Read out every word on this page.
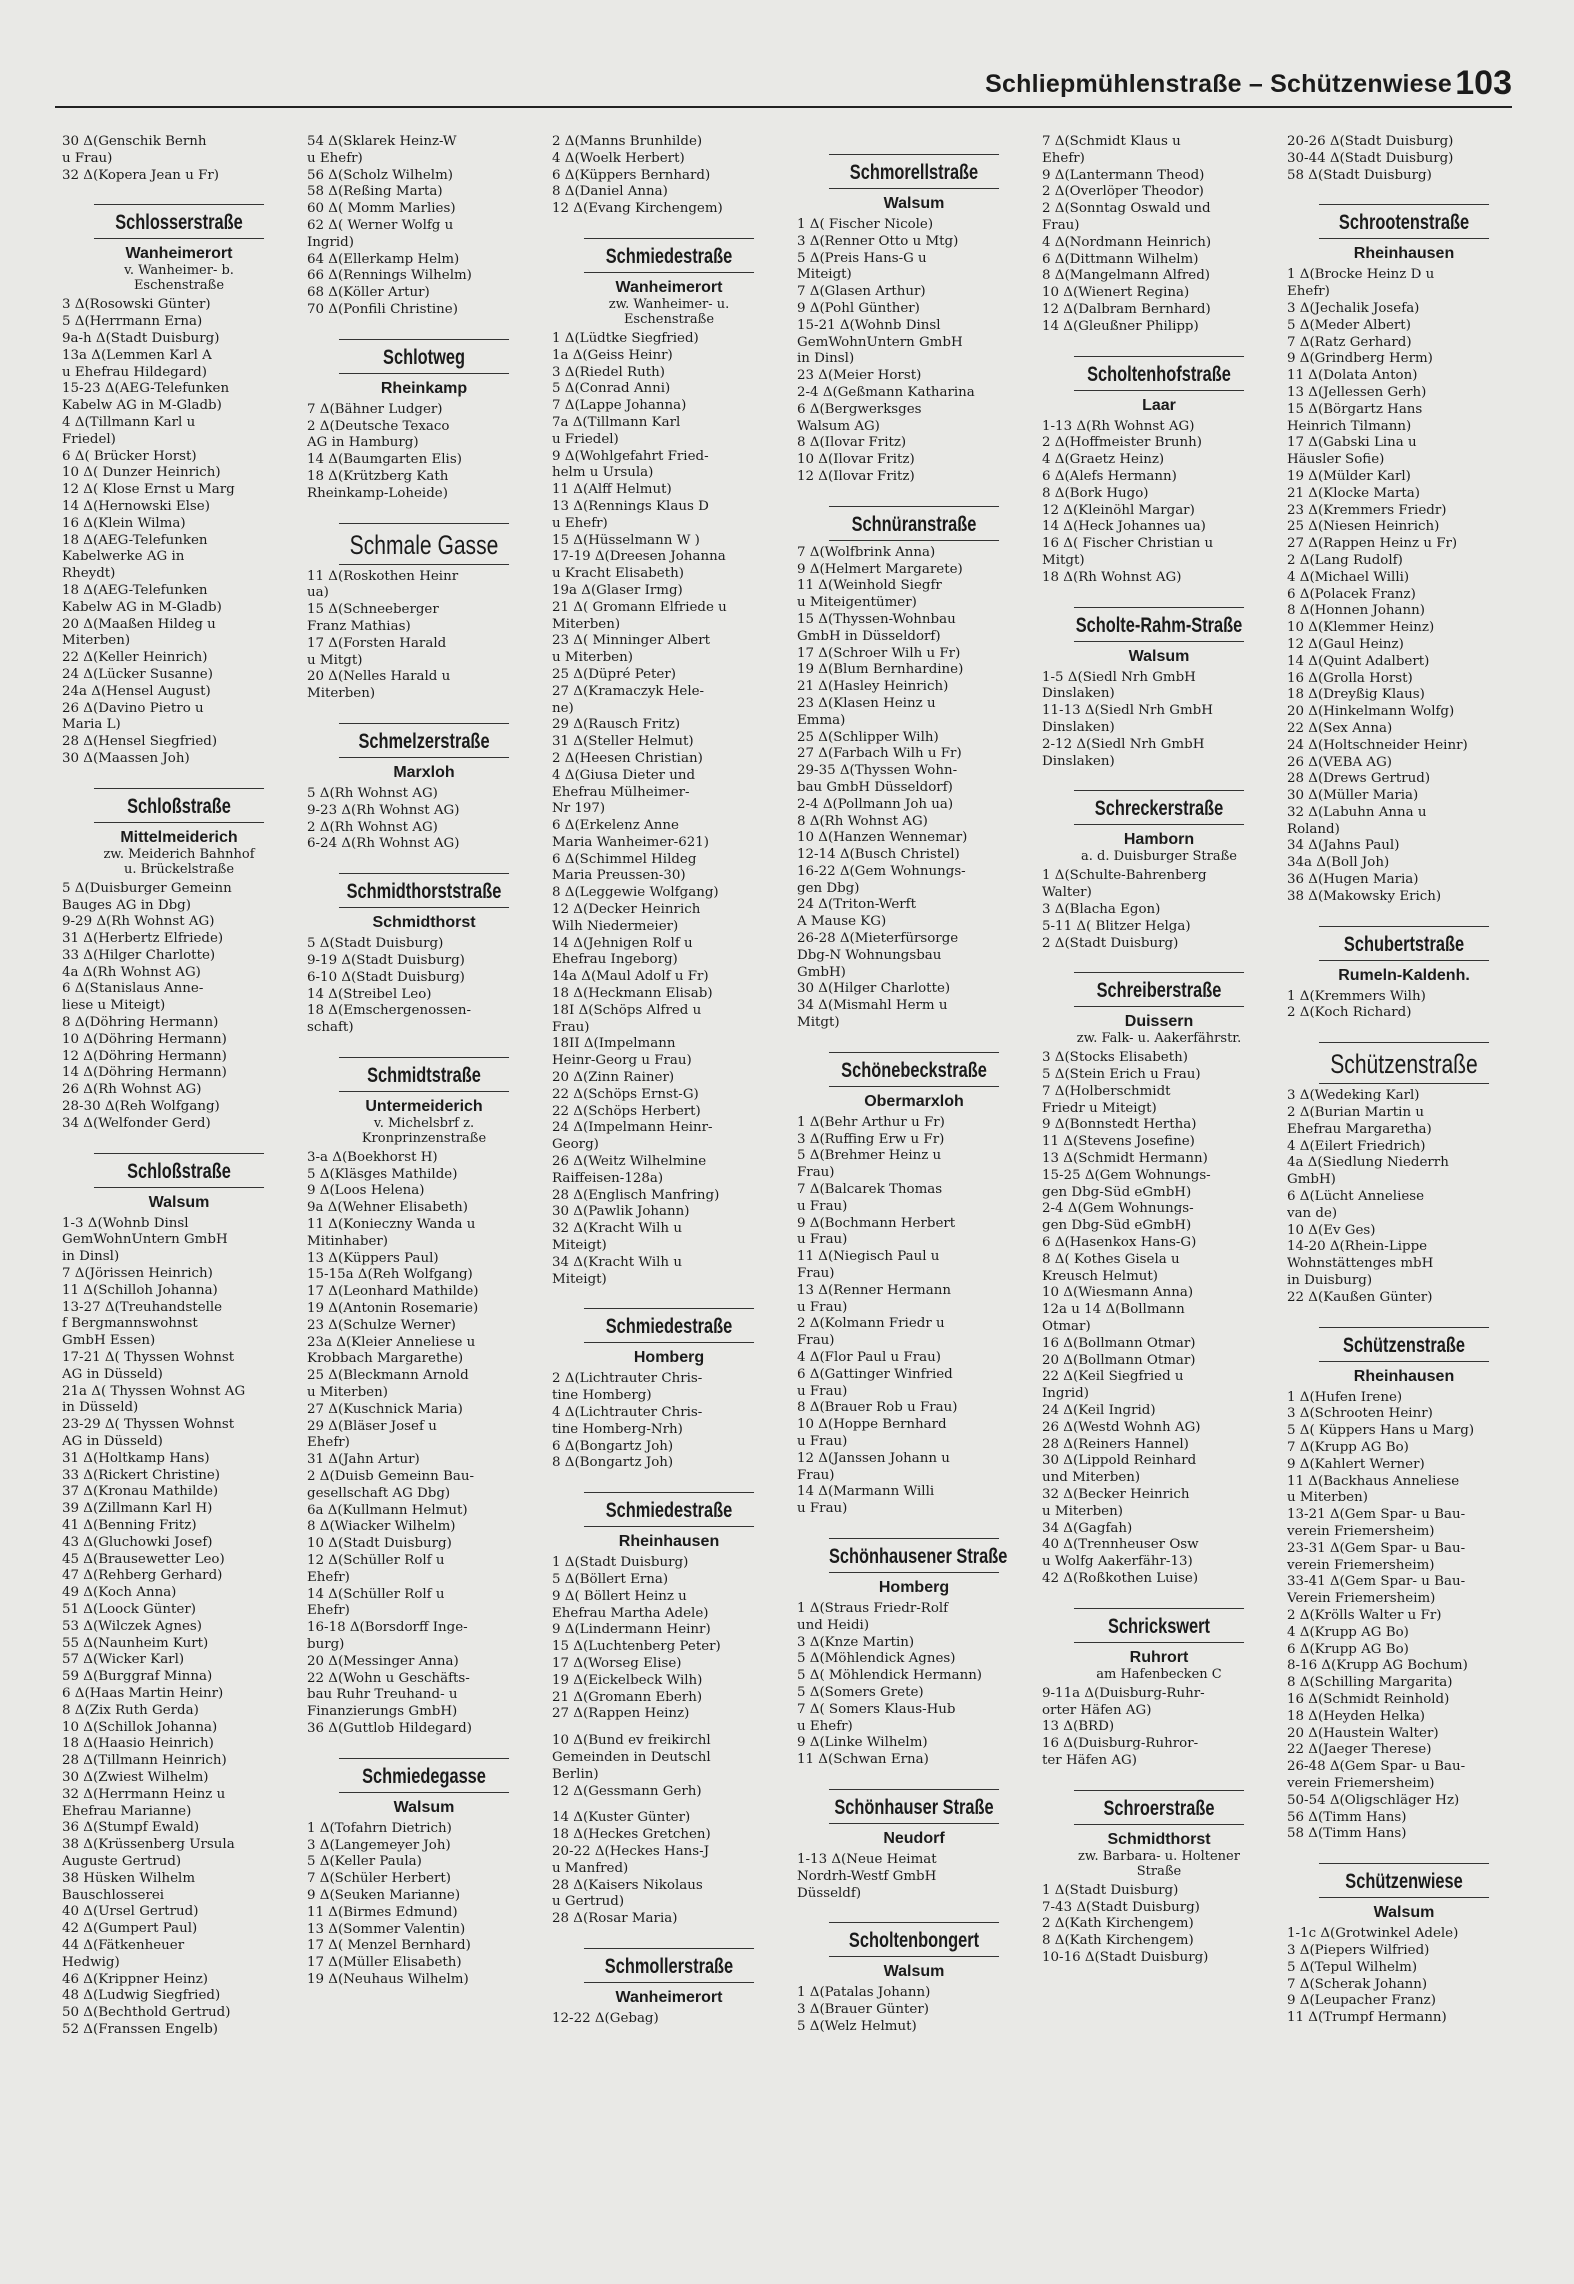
Schliepmühlenstraße – Schützenwiese 103
30 Δ(Genschik Bernh
u Frau)
32 Δ(Kopera Jean u Fr)
Schlosserstraße
Wanheimerort
v. Wanheimer- b.
Eschenstraße
3 Δ(Rosowski Günter)
5 Δ(Herrmann Erna)
9a-h Δ(Stadt Duisburg)
13a Δ(Lemmen Karl A
u Ehefrau Hildegard)
15-23 Δ(AEG-Telefunken
Kabelw AG in M-Gladb)
4 Δ(Tillmann Karl u
Friedel)
6 Δ( Brücker Horst)
10 Δ( Dunzer Heinrich)
12 Δ( Klose Ernst u Marg
14 Δ(Hernowski Else)
16 Δ(Klein Wilma)
18 Δ(AEG-Telefunken
Kabelwerke AG in
Rheydt)
18 Δ(AEG-Telefunken
Kabelw AG in M-Gladb)
20 Δ(Maaßen Hildeg u
Miterben)
22 Δ(Keller Heinrich)
24 Δ(Lücker Susanne)
24a Δ(Hensel August)
26 Δ(Davino Pietro u
Maria L)
28 Δ(Hensel Siegfried)
30 Δ(Maassen Joh)
Schloßstraße
Mittelmeiderich
zw. Meiderich Bahnhof
u. Brückelstraße
5 Δ(Duisburger Gemeinn
Bauges AG in Dbg)
9-29 Δ(Rh Wohnst AG)
31 Δ(Herbertz Elfriede)
33 Δ(Hilger Charlotte)
4a Δ(Rh Wohnst AG)
6 Δ(Stanislaus Anne-
liese u Miteigt)
8 Δ(Döhring Hermann)
10 Δ(Döhring Hermann)
12 Δ(Döhring Hermann)
14 Δ(Döhring Hermann)
26 Δ(Rh Wohnst AG)
28-30 Δ(Reh Wolfgang)
34 Δ(Welfonder Gerd)
Schloßstraße
Walsum
1-3 Δ(Wohnb Dinsl
GemWohnUntern GmbH
in Dinsl)
7 Δ(Jörissen Heinrich)
11 Δ(Schilloh Johanna)
13-27 Δ(Treuhandstelle
f Bergmannswohnst
GmbH Essen)
17-21 Δ( Thyssen Wohnst
AG in Düsseld)
21a Δ( Thyssen Wohnst AG
in Düsseld)
23-29 Δ( Thyssen Wohnst
AG in Düsseld)
31 Δ(Holtkamp Hans)
33 Δ(Rickert Christine)
37 Δ(Kronau Mathilde)
39 Δ(Zillmann Karl H)
41 Δ(Benning Fritz)
43 Δ(Gluchowki Josef)
45 Δ(Brausewetter Leo)
47 Δ(Rehberg Gerhard)
49 Δ(Koch Anna)
51 Δ(Loock Günter)
53 Δ(Wilczek Agnes)
55 Δ(Naunheim Kurt)
57 Δ(Wicker Karl)
59 Δ(Burggraf Minna)
6 Δ(Haas Martin Heinr)
8 Δ(Zix Ruth Gerda)
10 Δ(Schillok Johanna)
18 Δ(Haasio Heinrich)
28 Δ(Tillmann Heinrich)
30 Δ(Zwiest Wilhelm)
32 Δ(Herrmann Heinz u
Ehefrau Marianne)
36 Δ(Stumpf Ewald)
38 Δ(Krüssenberg Ursula
Auguste Gertrud)
38 Hüsken Wilhelm
Bauschlosserei
40 Δ(Ursel Gertrud)
42 Δ(Gumpert Paul)
44 Δ(Fätkenheuer
Hedwig)
46 Δ(Krippner Heinz)
48 Δ(Ludwig Siegfried)
50 Δ(Bechthold Gertrud)
52 Δ(Franssen Engelb)
54 Δ(Sklarek Heinz-W
u Ehefr)
56 Δ(Scholz Wilhelm)
58 Δ(Reßing Marta)
60 Δ( Momm Marlies)
62 Δ( Werner Wolfg u
Ingrid)
64 Δ(Ellerkamp Helm)
66 Δ(Rennings Wilhelm)
68 Δ(Köller Artur)
70 Δ(Ponfili Christine)
Schlotweg
Rheinkamp
7 Δ(Bähner Ludger)
2 Δ(Deutsche Texaco
AG in Hamburg)
14 Δ(Baumgarten Elis)
18 Δ(Krützberg Kath
Rheinkamp-Loheide)
Schmale Gasse
11 Δ(Roskothen Heinr
ua)
15 Δ(Schneeberger
Franz Mathias)
17 Δ(Forsten Harald
u Mitgt)
20 Δ(Nelles Harald u
Miterben)
Schmelzerstraße
Marxloh
5 Δ(Rh Wohnst AG)
9-23 Δ(Rh Wohnst AG)
2 Δ(Rh Wohnst AG)
6-24 Δ(Rh Wohnst AG)
Schmidthorststraße
Schmidthorst
5 Δ(Stadt Duisburg)
9-19 Δ(Stadt Duisburg)
6-10 Δ(Stadt Duisburg)
14 Δ(Streibel Leo)
18 Δ(Emschergenossen-
schaft)
Schmidtstraße
Untermeiderich
v. Michelsbrf z.
Kronprinzenstraße
3-a Δ(Boekhorst H)
5 Δ(Kläsges Mathilde)
9 Δ(Loos Helena)
9a Δ(Wehner Elisabeth)
11 Δ(Konieczny Wanda u
Mitinhaber)
13 Δ(Küppers Paul)
15-15a Δ(Reh Wolfgang)
17 Δ(Leonhard Mathilde)
19 Δ(Antonin Rosemarie)
23 Δ(Schulze Werner)
23a Δ(Kleier Anneliese u
Krobbach Margarethe)
25 Δ(Bleckmann Arnold
u Miterben)
27 Δ(Kuschnick Maria)
29 Δ(Bläser Josef u
Ehefr)
31 Δ(Jahn Artur)
2 Δ(Duisb Gemeinn Bau-
gesellschaft AG Dbg)
6a Δ(Kullmann Helmut)
8 Δ(Wiacker Wilhelm)
10 Δ(Stadt Duisburg)
12 Δ(Schüller Rolf u
Ehefr)
14 Δ(Schüller Rolf u
Ehefr)
16-18 Δ(Borsdorff Inge-
burg)
20 Δ(Messinger Anna)
22 Δ(Wohn u Geschäfts-
bau Ruhr Treuhand- u
Finanzierungs GmbH)
36 Δ(Guttlob Hildegard)
Schmiedegasse
Walsum
1 Δ(Tofahrn Dietrich)
3 Δ(Langemeyer Joh)
5 Δ(Keller Paula)
7 Δ(Schüler Herbert)
9 Δ(Seuken Marianne)
11 Δ(Birmes Edmund)
13 Δ(Sommer Valentin)
17 Δ( Menzel Bernhard)
17 Δ(Müller Elisabeth)
19 Δ(Neuhaus Wilhelm)
2 Δ(Manns Brunhilde)
4 Δ(Woelk Herbert)
6 Δ(Küppers Bernhard)
8 Δ(Daniel Anna)
12 Δ(Evang Kirchengem)
Schmiedestraße
Wanheimerort
zw. Wanheimer- u.
Eschenstraße
1 Δ(Lüdtke Siegfried)
1a Δ(Geiss Heinr)
3 Δ(Riedel Ruth)
5 Δ(Conrad Anni)
7 Δ(Lappe Johanna)
7a Δ(Tillmann Karl
u Friedel)
9 Δ(Wohlgefahrt Fried-
helm u Ursula)
11 Δ(Alff Helmut)
13 Δ(Rennings Klaus D
u Ehefr)
15 Δ(Hüsselmann W )
17-19 Δ(Dreesen Johanna
u Kracht Elisabeth)
19a Δ(Glaser Irmg)
21 Δ( Gromann Elfriede u
Miterben)
23 Δ( Minninger Albert
u Miterben)
25 Δ(Düpré Peter)
27 Δ(Kramaczyk Hele-
ne)
29 Δ(Rausch Fritz)
31 Δ(Steller Helmut)
2 Δ(Heesen Christian)
4 Δ(Giusa Dieter und
Ehefrau Mülheimer-
Nr 197)
6 Δ(Erkelenz Anne
Maria Wanheimer-621)
6 Δ(Schimmel Hildeg
Maria Preussen-30)
8 Δ(Leggewie Wolfgang)
12 Δ(Decker Heinrich
Wilh Niedermeier)
14 Δ(Jehnigen Rolf u
Ehefrau Ingeborg)
14a Δ(Maul Adolf u Fr)
18 Δ(Heckmann Elisab)
18I Δ(Schöps Alfred u
Frau)
18II Δ(Impelmann
Heinr-Georg u Frau)
20 Δ(Zinn Rainer)
22 Δ(Schöps Ernst-G)
22 Δ(Schöps Herbert)
24 Δ(Impelmann Heinr-
Georg)
26 Δ(Weitz Wilhelmine
Raiffeisen-128a)
28 Δ(Englisch Manfring)
30 Δ(Pawlik Johann)
32 Δ(Kracht Wilh u
Miteigt)
34 Δ(Kracht Wilh u
Miteigt)
Schmiedestraße
Homberg
2 Δ(Lichtrauter Chris-
tine Homberg)
4 Δ(Lichtrauter Chris-
tine Homberg-Nrh)
6 Δ(Bongartz Joh)
8 Δ(Bongartz Joh)
Schmiedestraße
Rheinhausen
1 Δ(Stadt Duisburg)
5 Δ(Böllert Erna)
9 Δ( Böllert Heinz u
Ehefrau Martha Adele)
9 Δ(Lindermann Heinr)
15 Δ(Luchtenberg Peter)
17 Δ(Worseg Elise)
19 Δ(Eickelbeck Wilh)
21 Δ(Gromann Eberh)
27 Δ(Rappen Heinz)
10 Δ(Bund ev freikirchl
Gemeinden in Deutschl
Berlin)
12 Δ(Gessmann Gerh)
14 Δ(Kuster Günter)
18 Δ(Heckes Gretchen)
20-22 Δ(Heckes Hans-J
u Manfred)
28 Δ(Kaisers Nikolaus
u Gertrud)
28 Δ(Rosar Maria)
Schmollerstraße
Wanheimerort
12-22 Δ(Gebag)
Schmorellstraße
Walsum
1 Δ( Fischer Nicole)
3 Δ(Renner Otto u Mtg)
5 Δ(Preis Hans-G u
Miteigt)
7 Δ(Glasen Arthur)
9 Δ(Pohl Günther)
15-21 Δ(Wohnb Dinsl
GemWohnUntern GmbH
in Dinsl)
23 Δ(Meier Horst)
2-4 Δ(Geßmann Katharina
6 Δ(Bergwerksges
Walsum AG)
8 Δ(Ilovar Fritz)
10 Δ(Ilovar Fritz)
12 Δ(Ilovar Fritz)
Schnüranstraße
7 Δ(Wolfbrink Anna)
9 Δ(Helmert Margarete)
11 Δ(Weinhold Siegfr
u Miteigentümer)
15 Δ(Thyssen-Wohnbau
GmbH in Düsseldorf)
17 Δ(Schroer Wilh u Fr)
19 Δ(Blum Bernhardine)
21 Δ(Hasley Heinrich)
23 Δ(Klasen Heinz u
Emma)
25 Δ(Schlipper Wilh)
27 Δ(Farbach Wilh u Fr)
29-35 Δ(Thyssen Wohn-
bau GmbH Düsseldorf)
2-4 Δ(Pollmann Joh ua)
8 Δ(Rh Wohnst AG)
10 Δ(Hanzen Wennemar)
12-14 Δ(Busch Christel)
16-22 Δ(Gem Wohnungs-
gen Dbg)
24 Δ(Triton-Werft
A Mause KG)
26-28 Δ(Mieterfürsorge
Dbg-N Wohnungsbau
GmbH)
30 Δ(Hilger Charlotte)
34 Δ(Mismahl Herm u
Mitgt)
Schönebeckstraße
Obermarxloh
1 Δ(Behr Arthur u Fr)
3 Δ(Ruffing Erw u Fr)
5 Δ(Brehmer Heinz u
Frau)
7 Δ(Balcarek Thomas
u Frau)
9 Δ(Bochmann Herbert
u Frau)
11 Δ(Niegisch Paul u
Frau)
13 Δ(Renner Hermann
u Frau)
2 Δ(Kolmann Friedr u
Frau)
4 Δ(Flor Paul u Frau)
6 Δ(Gattinger Winfried
u Frau)
8 Δ(Brauer Rob u Frau)
10 Δ(Hoppe Bernhard
u Frau)
12 Δ(Janssen Johann u
Frau)
14 Δ(Marmann Willi
u Frau)
Schönhausener Straße
Homberg
1 Δ(Straus Friedr-Rolf
und Heidi)
3 Δ(Knze Martin)
5 Δ(Möhlendick Agnes)
5 Δ( Möhlendick Hermann)
5 Δ(Somers Grete)
7 Δ( Somers Klaus-Hub
u Ehefr)
9 Δ(Linke Wilhelm)
11 Δ(Schwan Erna)
Schönhauser Straße
Neudorf
1-13 Δ(Neue Heimat
Nordrh-Westf GmbH
Düsseldf)
Scholtenbongert
Walsum
1 Δ(Patalas Johann)
3 Δ(Brauer Günter)
5 Δ(Welz Helmut)
7 Δ(Schmidt Klaus u
Ehefr)
9 Δ(Lantermann Theod)
2 Δ(Overlöper Theodor)
2 Δ(Sonntag Oswald und
Frau)
4 Δ(Nordmann Heinrich)
6 Δ(Dittmann Wilhelm)
8 Δ(Mangelmann Alfred)
10 Δ(Wienert Regina)
12 Δ(Dalbram Bernhard)
14 Δ(Gleußner Philipp)
Scholtenhofstraße
Laar
1-13 Δ(Rh Wohnst AG)
2 Δ(Hoffmeister Brunh)
4 Δ(Graetz Heinz)
6 Δ(Alefs Hermann)
8 Δ(Bork Hugo)
12 Δ(Kleinöhl Margar)
14 Δ(Heck Johannes ua)
16 Δ( Fischer Christian u
Mitgt)
18 Δ(Rh Wohnst AG)
Scholte-Rahm-Straße
Walsum
1-5 Δ(Siedl Nrh GmbH
Dinslaken)
11-13 Δ(Siedl Nrh GmbH
Dinslaken)
2-12 Δ(Siedl Nrh GmbH
Dinslaken)
Schreckerstraße
Hamborn
a. d. Duisburger Straße
1 Δ(Schulte-Bahrenberg
Walter)
3 Δ(Blacha Egon)
5-11 Δ( Blitzer Helga)
2 Δ(Stadt Duisburg)
Schreiberstraße
Duissern
zw. Falk- u. Aakerfährstr.
3 Δ(Stocks Elisabeth)
5 Δ(Stein Erich u Frau)
7 Δ(Holberschmidt
Friedr u Miteigt)
9 Δ(Bonnstedt Hertha)
11 Δ(Stevens Josefine)
13 Δ(Schmidt Hermann)
15-25 Δ(Gem Wohnungs-
gen Dbg-Süd eGmbH)
2-4 Δ(Gem Wohnungs-
gen Dbg-Süd eGmbH)
6 Δ(Hasenkox Hans-G)
8 Δ( Kothes Gisela u
Kreusch Helmut)
10 Δ(Wiesmann Anna)
12a u 14 Δ(Bollmann
Otmar)
16 Δ(Bollmann Otmar)
20 Δ(Bollmann Otmar)
22 Δ(Keil Siegfried u
Ingrid)
24 Δ(Keil Ingrid)
26 Δ(Westd Wohnh AG)
28 Δ(Reiners Hannel)
30 Δ(Lippold Reinhard
und Miterben)
32 Δ(Becker Heinrich
u Miterben)
34 Δ(Gagfah)
40 Δ(Trennheuser Osw
u Wolfg Aakerfähr-13)
42 Δ(Roßkothen Luise)
Schrickswert
Ruhrort
am Hafenbecken C
9-11a Δ(Duisburg-Ruhr-
orter Häfen AG)
13 Δ(BRD)
16 Δ(Duisburg-Ruhror-
ter Häfen AG)
Schroerstraße
Schmidthorst
zw. Barbara- u. Holtener
Straße
1 Δ(Stadt Duisburg)
7-43 Δ(Stadt Duisburg)
2 Δ(Kath Kirchengem)
8 Δ(Kath Kirchengem)
10-16 Δ(Stadt Duisburg)
20-26 Δ(Stadt Duisburg)
30-44 Δ(Stadt Duisburg)
58 Δ(Stadt Duisburg)
Schrootenstraße
Rheinhausen
1 Δ(Brocke Heinz D u
Ehefr)
3 Δ(Jechalik Josefa)
5 Δ(Meder Albert)
7 Δ(Ratz Gerhard)
9 Δ(Grindberg Herm)
11 Δ(Dolata Anton)
13 Δ(Jellessen Gerh)
15 Δ(Börgartz Hans
Heinrich Tilmann)
17 Δ(Gabski Lina u
Häusler Sofie)
19 Δ(Mülder Karl)
21 Δ(Klocke Marta)
23 Δ(Kremmers Friedr)
25 Δ(Niesen Heinrich)
27 Δ(Rappen Heinz u Fr)
2 Δ(Lang Rudolf)
4 Δ(Michael Willi)
6 Δ(Polacek Franz)
8 Δ(Honnen Johann)
10 Δ(Klemmer Heinz)
12 Δ(Gaul Heinz)
14 Δ(Quint Adalbert)
16 Δ(Grolla Horst)
18 Δ(Dreyßig Klaus)
20 Δ(Hinkelmann Wolfg)
22 Δ(Sex Anna)
24 Δ(Holtschneider Heinr)
26 Δ(VEBA AG)
28 Δ(Drews Gertrud)
30 Δ(Müller Maria)
32 Δ(Labuhn Anna u
Roland)
34 Δ(Jahns Paul)
34a Δ(Boll Joh)
36 Δ(Hugen Maria)
38 Δ(Makowsky Erich)
Schubertstraße
Rumeln-Kaldenh.
1 Δ(Kremmers Wilh)
2 Δ(Koch Richard)
Schützenstraße
3 Δ(Wedeking Karl)
2 Δ(Burian Martin u
Ehefrau Margaretha)
4 Δ(Eilert Friedrich)
4a Δ(Siedlung Niederrh
GmbH)
6 Δ(Lücht Anneliese
van de)
10 Δ(Ev Ges)
14-20 Δ(Rhein-Lippe
Wohnstättenges mbH
in Duisburg)
22 Δ(Kaußen Günter)
Schützenstraße
Rheinhausen
1 Δ(Hufen Irene)
3 Δ(Schrooten Heinr)
5 Δ( Küppers Hans u Marg)
7 Δ(Krupp AG Bo)
9 Δ(Kahlert Werner)
11 Δ(Backhaus Anneliese
u Miterben)
13-21 Δ(Gem Spar- u Bau-
verein Friemersheim)
23-31 Δ(Gem Spar- u Bau-
verein Friemersheim)
33-41 Δ(Gem Spar- u Bau-
Verein Friemersheim)
2 Δ(Krölls Walter u Fr)
4 Δ(Krupp AG Bo)
6 Δ(Krupp AG Bo)
8-16 Δ(Krupp AG Bochum)
8 Δ(Schilling Margarita)
16 Δ(Schmidt Reinhold)
18 Δ(Heyden Helka)
20 Δ(Haustein Walter)
22 Δ(Jaeger Therese)
26-48 Δ(Gem Spar- u Bau-
verein Friemersheim)
50-54 Δ(Oligschläger Hz)
56 Δ(Timm Hans)
58 Δ(Timm Hans)
Schützenwiese
Walsum
1-1c Δ(Grotwinkel Adele)
3 Δ(Piepers Wilfried)
5 Δ(Tepul Wilhelm)
7 Δ(Scherak Johann)
9 Δ(Leupacher Franz)
11 Δ(Trumpf Hermann)
